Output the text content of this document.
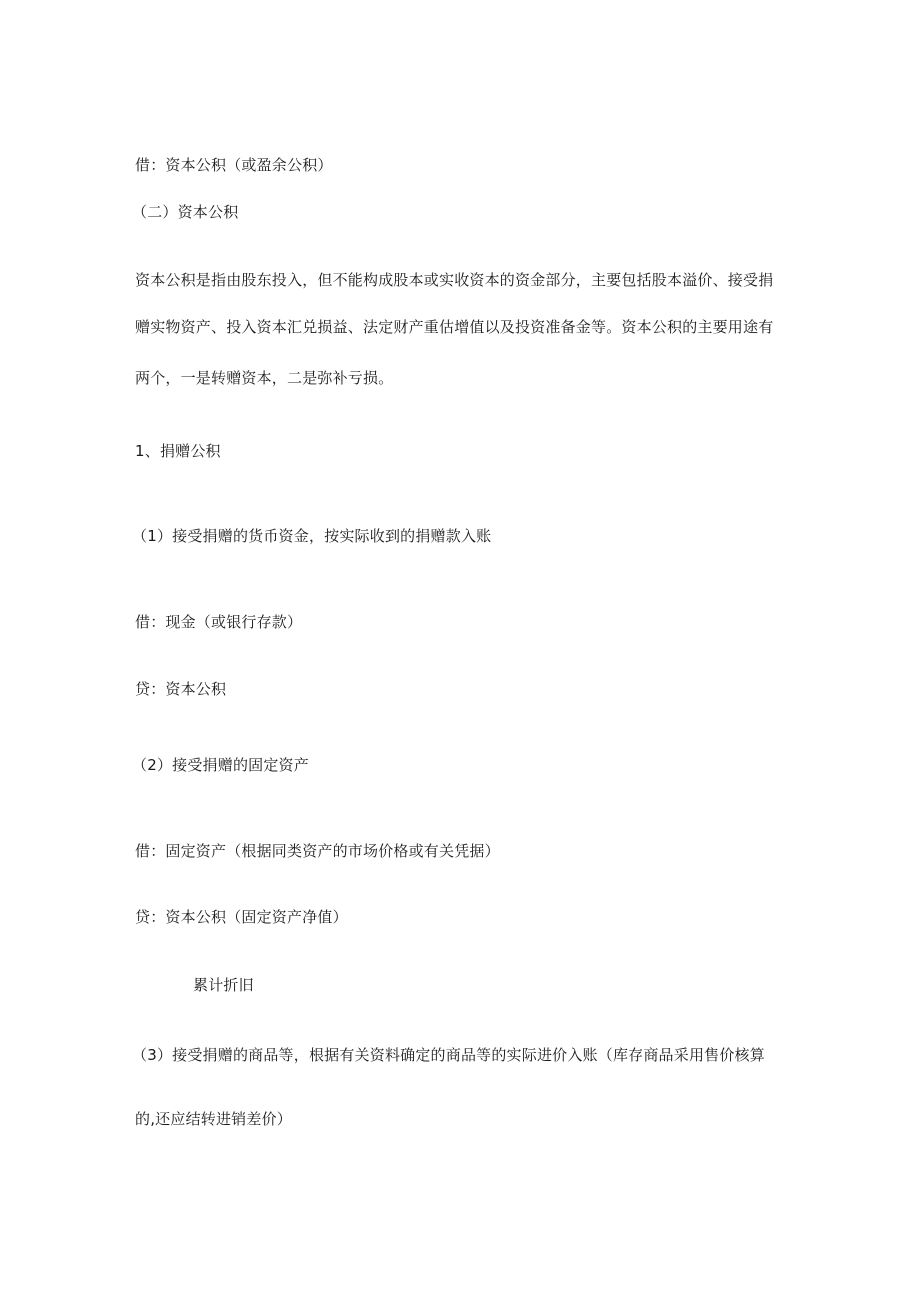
借：资本公积（或盈余公积）
（二）资本公积
资本公积是指由股东投入，但不能构成股本或实收资本的资金部分，主要包括股本溢价、接受捐
赠实物资产、投入资本汇兑损益、法定财产重估增值以及投资准备金等。资本公积的主要用途有
两个，一是转赠资本，二是弥补亏损。
1、捐赠公积
（1）接受捐赠的货币资金，按实际收到的捐赠款入账
借：现金（或银行存款）
贷：资本公积
（2）接受捐赠的固定资产
借：固定资产（根据同类资产的市场价格或有关凭据）
贷：资本公积（固定资产净值）
累计折旧
（3）接受捐赠的商品等，根据有关资料确定的商品等的实际进价入账（库存商品采用售价核算
的,还应结转进销差价）
